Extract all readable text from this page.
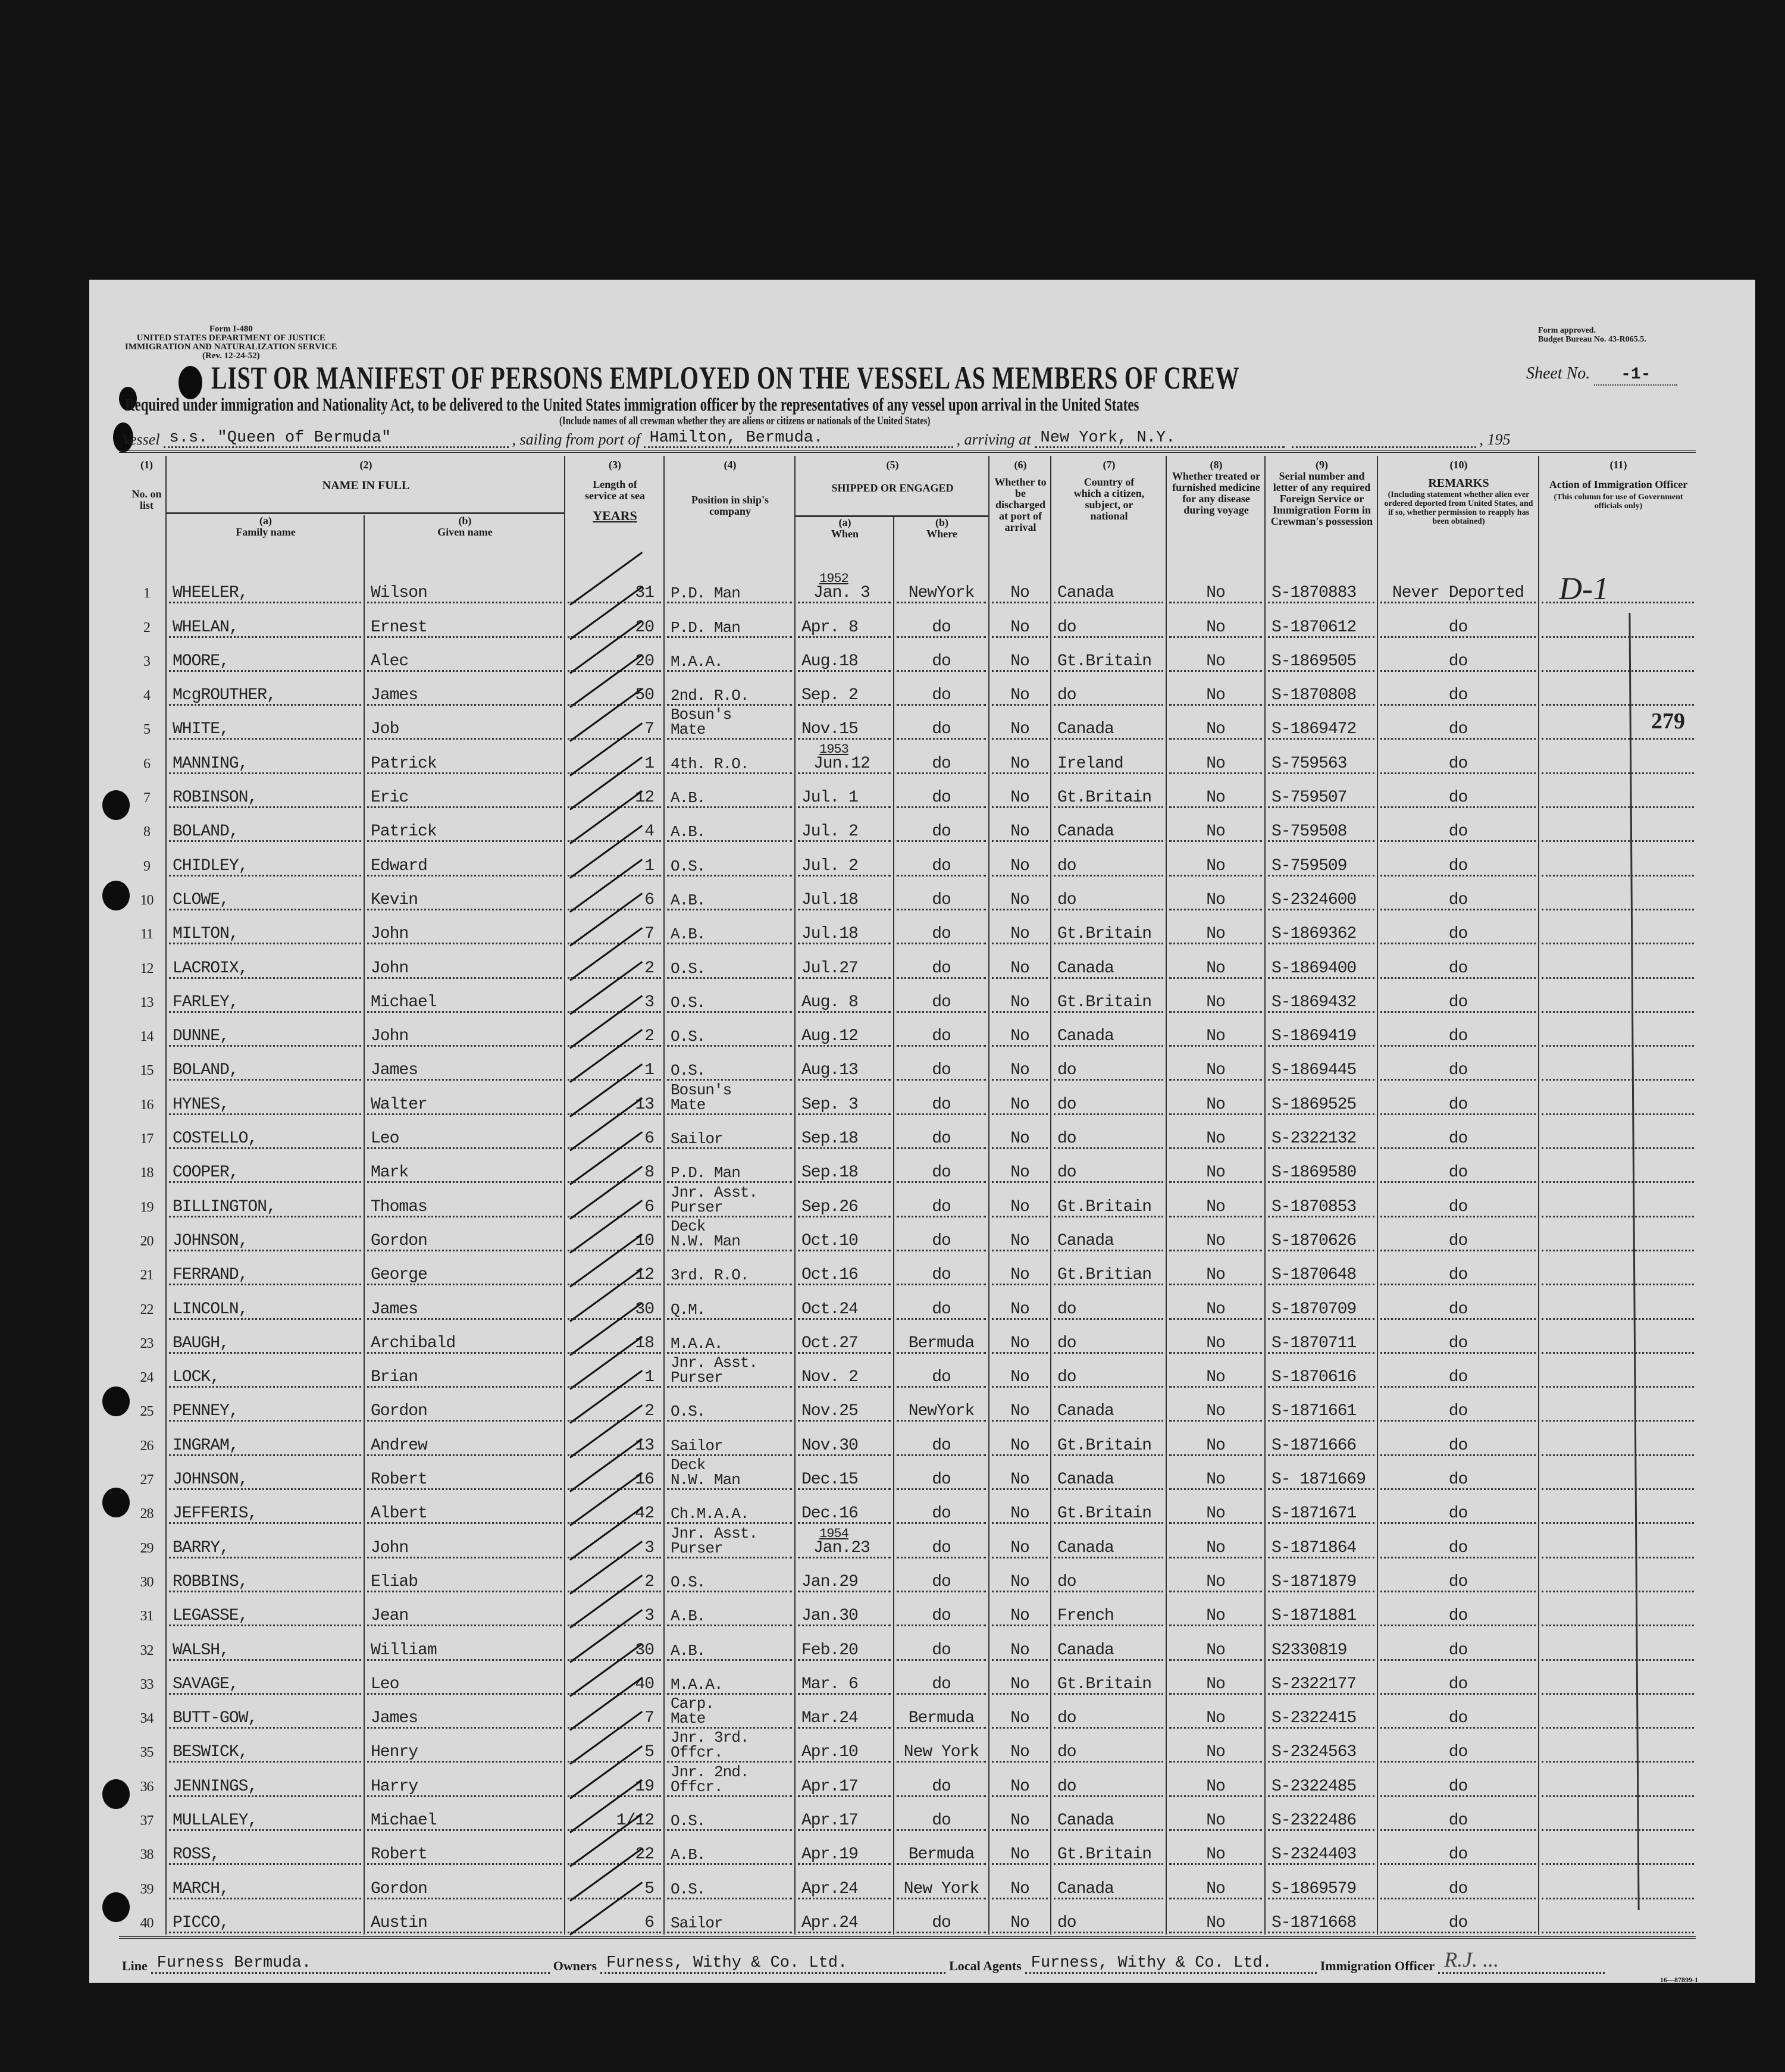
Form I-480
UNITED STATES DEPARTMENT OF JUSTICE
IMMIGRATION AND NATURALIZATION SERVICE
(Rev. 12-24-52)
Form approved.
Budget Bureau No. 43-R065.5.
LIST OR MANIFEST OF PERSONS EMPLOYED ON THE VESSEL AS MEMBERS OF CREW	Sheet No. -1-
Required under immigration and Nationality Act, to be delivered to the United States immigration officer by the representatives of any vessel upon arrival in the United States
(Include names of all crewman whether they are aliens or citizens or nationals of the United States)
Vessel s.s. "Queen of Bermuda"	, sailing from port of Hamilton, Bermuda.	, arriving at New York, N.Y.	, 195
(1)
No. on list
(2)
NAME IN FULL
(a)
Family name
(b)
Given name
(3)
Length of service at sea
YEARS
(4)
Position in ship's company
(5)
SHIPPED OR ENGAGED
(a)
When
(b)
Where
(6)
Whether to be discharged at port of arrival
(7)
Country of which a citizen, subject, or national
(8)
Whether treated or furnished medicine for any disease during voyage
(9)
Serial number and letter of any required Foreign Service or Immigration Form in Crewman's possession
(10)
REMARKS
(Including statement whether alien ever ordered deported from United States, and if so, whether permission to reapply has been obtained)
(11)
Action of Immigration Officer
(This column for use of Government officials only)
1 WHEELER,	Wilson	31 P.D. Man
1952
Jan. 3 NewYork No Canada	No	S-1870883 Never Deported
2 WHELAN,	Ernest	20 P.D. Man	Apr. 8	do	No do	No	S-1870612	do
3 MOORE,	Alec	20 M.A.A.	Aug.18	do	No Gt.Britain	No	S-1869505	do
4 McgROUTHER,	James	50 2nd. R.O.	Sep. 2	do	No do	No	S-1870808	do
5 WHITE,	Job	7
Bosun's
Mate	Nov.15	do	No Canada	No	S-1869472	do
6 MANNING,	Patrick	1 4th. R.O.
1953
Jun.12	do	No Ireland	No	S-759563	do
7 ROBINSON,	Eric	12 A.B.	Jul. 1	do	No Gt.Britain	No	S-759507	do
8 BOLAND,	Patrick	4 A.B.	Jul. 2	do	No Canada	No	S-759508	do
9 CHIDLEY,	Edward	1 O.S.	Jul. 2	do	No do	No	S-759509	do
10 CLOWE,	Kevin	6 A.B.	Jul.18	do	No do	No	S-2324600	do
11 MILTON,	John	7 A.B.	Jul.18	do	No Gt.Britain	No	S-1869362	do
12 LACROIX,	John	2 O.S.	Jul.27	do	No Canada	No	S-1869400	do
13 FARLEY,	Michael	3 O.S.	Aug. 8	do	No Gt.Britain	No	S-1869432	do
14 DUNNE,	John	2 O.S.	Aug.12	do	No Canada	No	S-1869419	do
15 BOLAND,	James	1 O.S.	Aug.13	do	No do	No	S-1869445	do
16 HYNES,	Walter	13
Bosun's
Mate	Sep. 3	do	No do	No	S-1869525	do
17 COSTELLO,	Leo	6 Sailor	Sep.18	do	No do	No	S-2322132	do
18 COOPER,	Mark	8 P.D. Man	Sep.18	do	No do	No	S-1869580	do
19 BILLINGTON,	Thomas	6
Jnr. Asst.
Purser	Sep.26	do	No Gt.Britain	No	S-1870853	do
20 JOHNSON,	Gordon	10
Deck
N.W. Man	Oct.10	do	No Canada	No	S-1870626	do
21 FERRAND,	George	12 3rd. R.O.	Oct.16	do	No Gt.Britian	No	S-1870648	do
22 LINCOLN,	James	30 Q.M.	Oct.24	do	No do	No	S-1870709	do
23 BAUGH,	Archibald	18 M.A.A.	Oct.27	Bermuda No do	No	S-1870711	do
24 LOCK,	Brian	1
Jnr. Asst.
Purser	Nov. 2	do	No do	No	S-1870616	do
25 PENNEY,	Gordon	2 O.S.	Nov.25	NewYork No Canada	No	S-1871661	do
26 INGRAM,	Andrew	13 Sailor	Nov.30	do	No Gt.Britain	No	S-1871666	do
27 JOHNSON,	Robert	16
Deck
N.W. Man	Dec.15	do	No Canada	No	S- 1871669	do
28 JEFFERIS,	Albert	42 Ch.M.A.A.	Dec.16	do	No Gt.Britain	No	S-1871671	do
29 BARRY,	John	3
Jnr. Asst.
Purser
1954
Jan.23	do	No Canada	No	S-1871864	do
30 ROBBINS,	Eliab	2 O.S.	Jan.29	do	No do	No	S-1871879	do
31 LEGASSE,	Jean	3 A.B.	Jan.30	do	No French	No	S-1871881	do
32 WALSH,	William	30 A.B.	Feb.20	do	No Canada	No	S2330819	do
33 SAVAGE,	Leo	40 M.A.A.	Mar. 6	do	No Gt.Britain	No	S-2322177	do
34 BUTT-GOW,	James	7
Carp.
Mate	Mar.24	Bermuda No do	No	S-2322415	do
35 BESWICK,	Henry	5
Jnr. 3rd.
Offcr.	Apr.10	New York No do	No	S-2324563	do
36 JENNINGS,	Harry	19
Jnr. 2nd.
Offcr.	Apr.17	do	No do	No	S-2322485	do
37 MULLALEY,	Michael	1/12 O.S.	Apr.17	do	No Canada	No	S-2322486	do
38 ROSS,	Robert	22 A.B.	Apr.19	Bermuda No Gt.Britain	No	S-2324403	do
39 MARCH,	Gordon	5 O.S.	Apr.24	New York No Canada	No	S-1869579	do
40 PICCO,	Austin	6 Sailor	Apr.24	do	No do	No	S-1871668	do
D-1
279
Line Furness Bermuda.	Owners Furness, Withy & Co. Ltd.	Local Agents Furness, Withy & Co. Ltd.	Immigration Officer R.J. ...
16—87899-1
